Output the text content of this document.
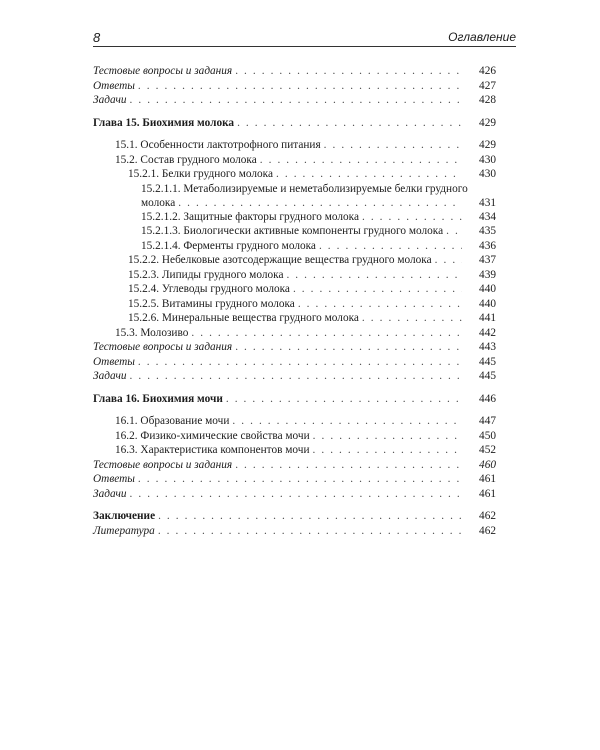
8	Оглавление
Тестовые вопросы и задания . . .	426
Ответы . . .	427
Задачи . . .	428
Глава 15. Биохимия молока . . .	429
15.1. Особенности лактотрофного питания . . .	429
15.2. Состав грудного молока . . .	430
15.2.1. Белки грудного молока . . .	430
15.2.1.1. Метаболизируемые и неметаболизируемые белки грудного
молока . . .	431
15.2.1.2. Защитные факторы грудного молока . . .	434
15.2.1.3. Биологически активные компоненты грудного молока . . .	435
15.2.1.4. Ферменты грудного молока . . .	436
15.2.2. Небелковые азотсодержащие вещества грудного молока . . .	437
15.2.3. Липиды грудного молока . . .	439
15.2.4. Углеводы грудного молока . . .	440
15.2.5. Витамины грудного молока . . .	440
15.2.6. Минеральные вещества грудного молока . . .	441
15.3. Молозиво . . .	442
Тестовые вопросы и задания . . .	443
Ответы . . .	445
Задачи . . .	445
Глава 16. Биохимия мочи . . .	446
16.1. Образование мочи . . .	447
16.2. Физико-химические свойства мочи . . .	450
16.3. Характеристика компонентов мочи . . .	452
Тестовые вопросы и задания . . .	460
Ответы . . .	461
Задачи . . .	461
Заключение . . .	462
Литература . . .	462
